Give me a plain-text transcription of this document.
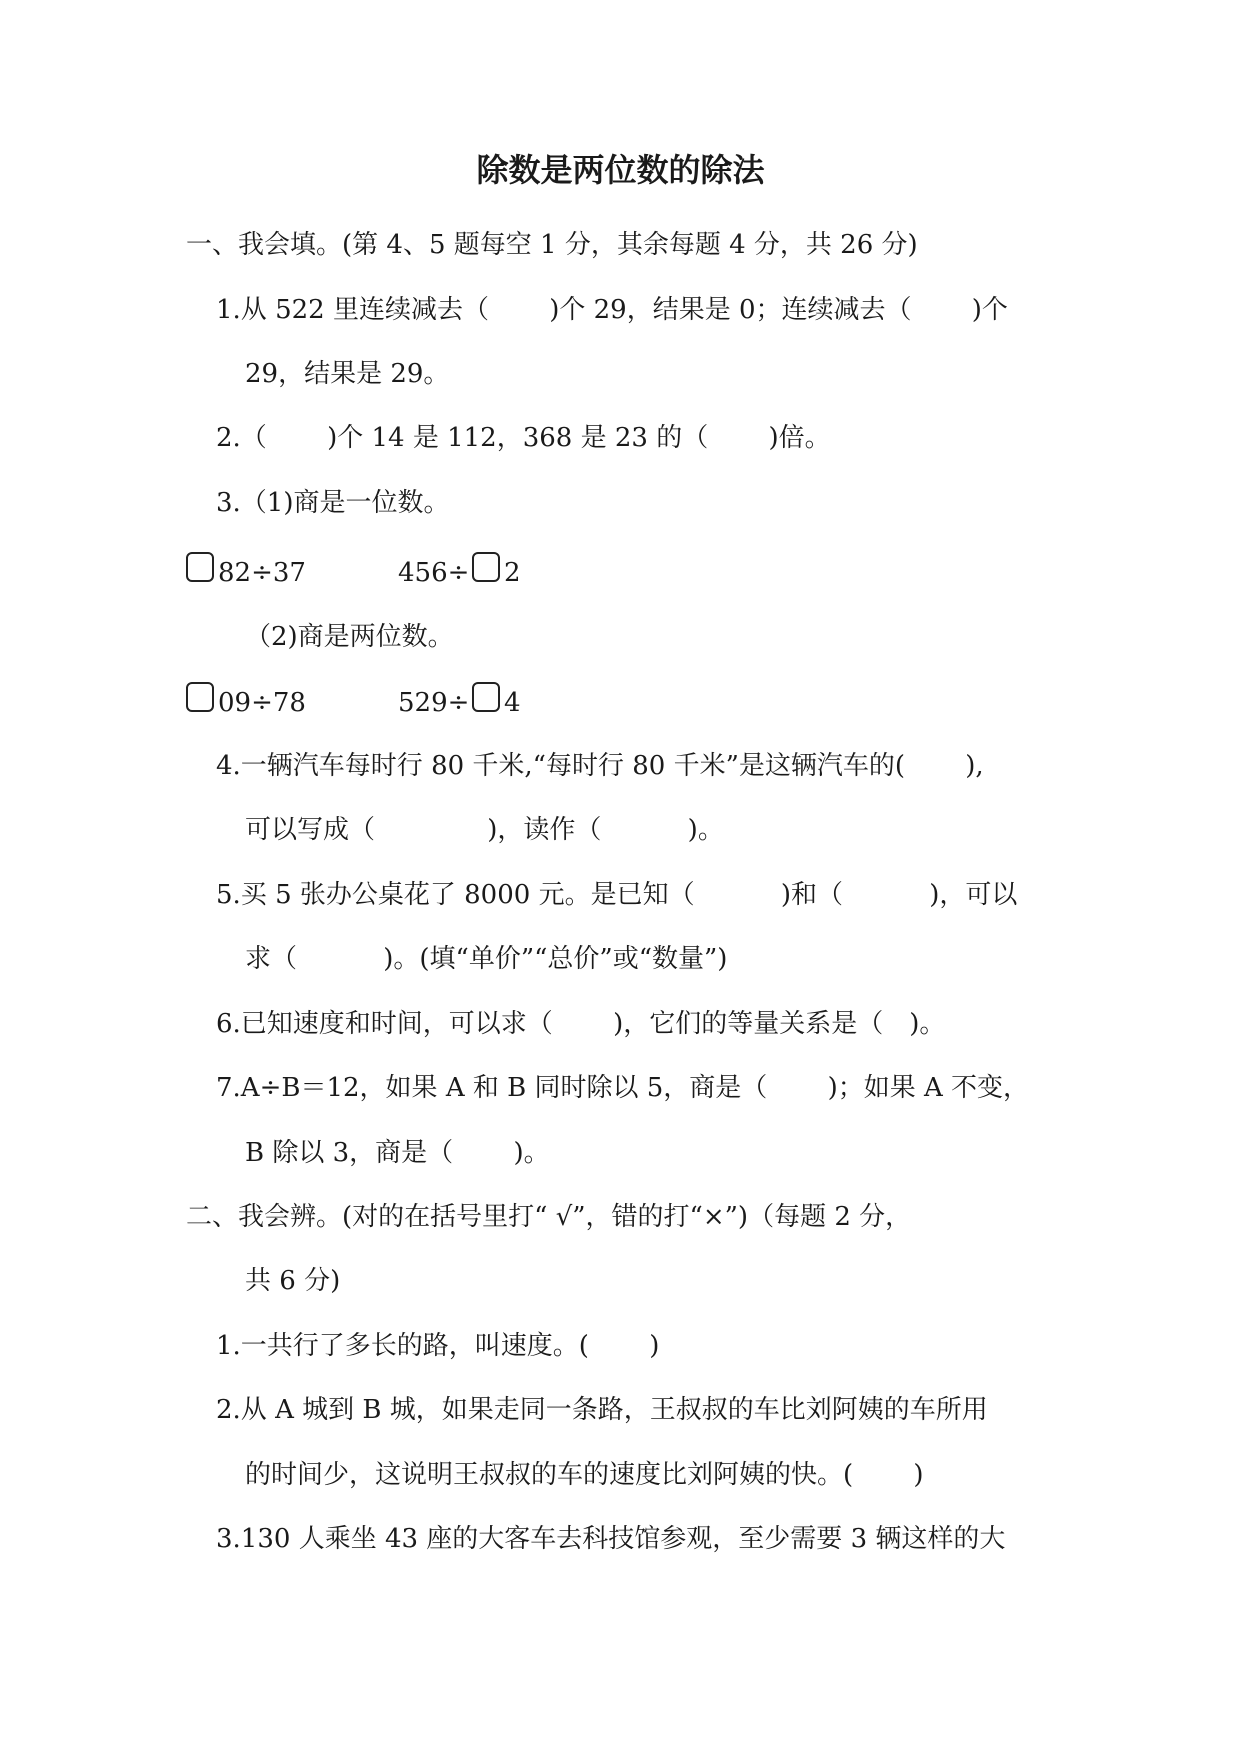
除数是两位数的除法
一、我会填。(第 4、5 题每空 1 分，其余每题 4 分，共 26 分)
1.从 522 里连续减去（　　 )个 29，结果是 0；连续减去（　　 )个
29，结果是 29。
2.（　　 )个 14 是 112，368 是 23 的（　　 )倍。
3.（1)商是一位数。
82÷37	456÷ 2
（2)商是两位数。
09÷78	529÷ 4
4.一辆汽车每时行 80 千米,“每时行 80 千米”是这辆汽车的(　　 ),
可以写成（　　　　 )，读作（　　　 )。
5.买 5 张办公桌花了 8000 元。是已知（　　　 )和（　　　 )，可以
求（　　　 )。(填“单价”“总价”或“数量”)
6.已知速度和时间，可以求（　　 )，它们的等量关系是（　)。
7.A÷B＝12，如果 A 和 B 同时除以 5，商是（　　 )；如果 A 不变，
B 除以 3，商是（　　 )。
二、我会辨。(对的在括号里打“ √”，错的打“×”)（每题 2 分，
共 6 分)
1.一共行了多长的路，叫速度。(　　 )
2.从 A 城到 B 城，如果走同一条路，王叔叔的车比刘阿姨的车所用
的时间少，这说明王叔叔的车的速度比刘阿姨的快。(　　 )
3.130 人乘坐 43 座的大客车去科技馆参观，至少需要 3 辆这样的大
